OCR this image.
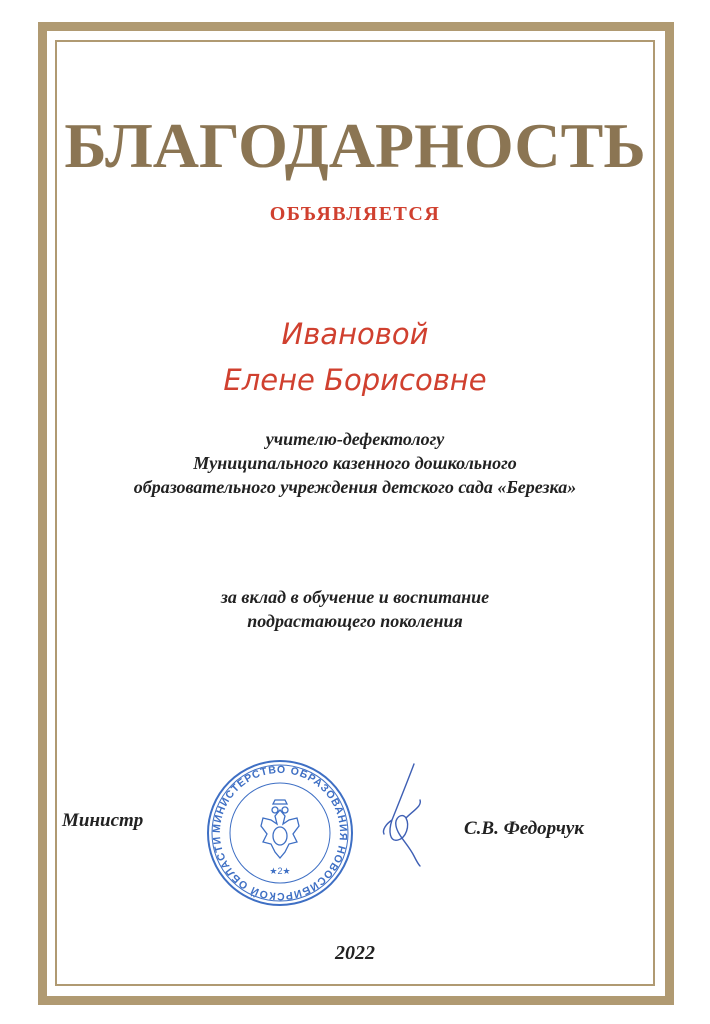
БЛАГОДАРНОСТЬ
ОБЪЯВЛЯЕТСЯ
Ивановой
Елене Борисовне
учителю-дефектологу
Муниципального казенного дошкольного
образовательного учреждения детского сада «Березка»
за вклад в обучение и воспитание
подрастающего поколения
Министр	МИНИСТЕРСТВО ОБРАЗОВАНИЯ НОВОСИБИРСКОЙ ОБЛАСТИ
★2★
С.В. Федорчук
2022
